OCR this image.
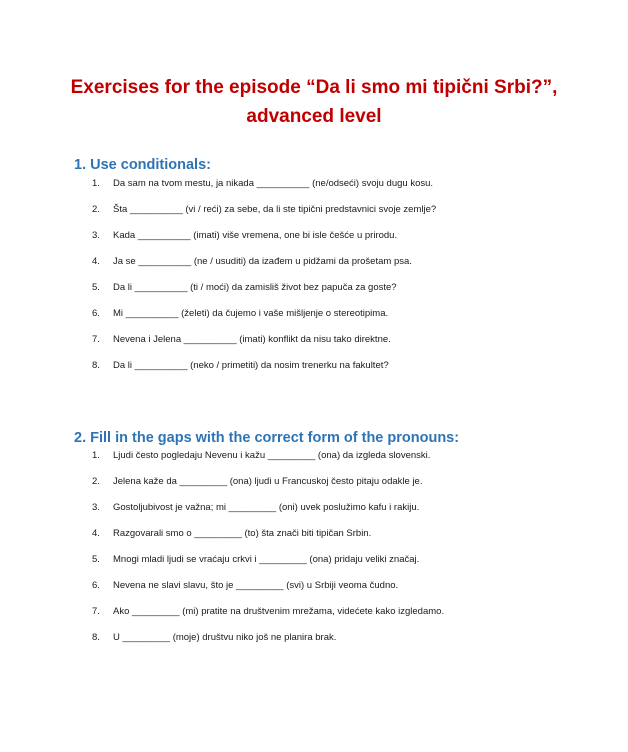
Exercises for the episode “Da li smo mi tipični Srbi?”,
advanced level
1. Use conditionals:
1. Da sam na tvom mestu, ja nikada __________ (ne/odseći) svoju dugu kosu.
2. Šta __________ (vi / reći) za sebe, da li ste tipični predstavnici svoje zemlje?
3. Kada __________ (imati) više vremena, one bi isle češće u prirodu.
4. Ja se __________ (ne / usuditi) da izađem u pidžami da prošetam psa.
5. Da li __________ (ti / moći) da zamisliš život bez papuča za goste?
6. Mi __________ (želeti) da čujemo i vaše mišljenje o stereotipima.
7. Nevena i Jelena __________ (imati) konflikt da nisu tako direktne.
8. Da li __________ (neko / primetiti) da nosim trenerku na fakultet?
2. Fill in the gaps with the correct form of the pronouns:
1. Ljudi često pogledaju Nevenu i kažu _________ (ona) da izgleda slovenski.
2. Jelena kaže da _________ (ona) ljudi u Francuskoj često pitaju odakle je.
3. Gostoljubivost je važna; mi _________ (oni) uvek poslužimo kafu i rakiju.
4. Razgovarali smo o _________ (to) šta znači biti tipičan Srbin.
5. Mnogi mladi ljudi se vraćaju crkvi i _________ (ona) pridaju veliki značaj.
6. Nevena ne slavi slavu, što je _________ (svi) u Srbiji veoma čudno.
7. Ako _________ (mi) pratite na društvenim mrežama, videćete kako izgledamo.
8. U _________ (moje) društvu niko još ne planira brak.
